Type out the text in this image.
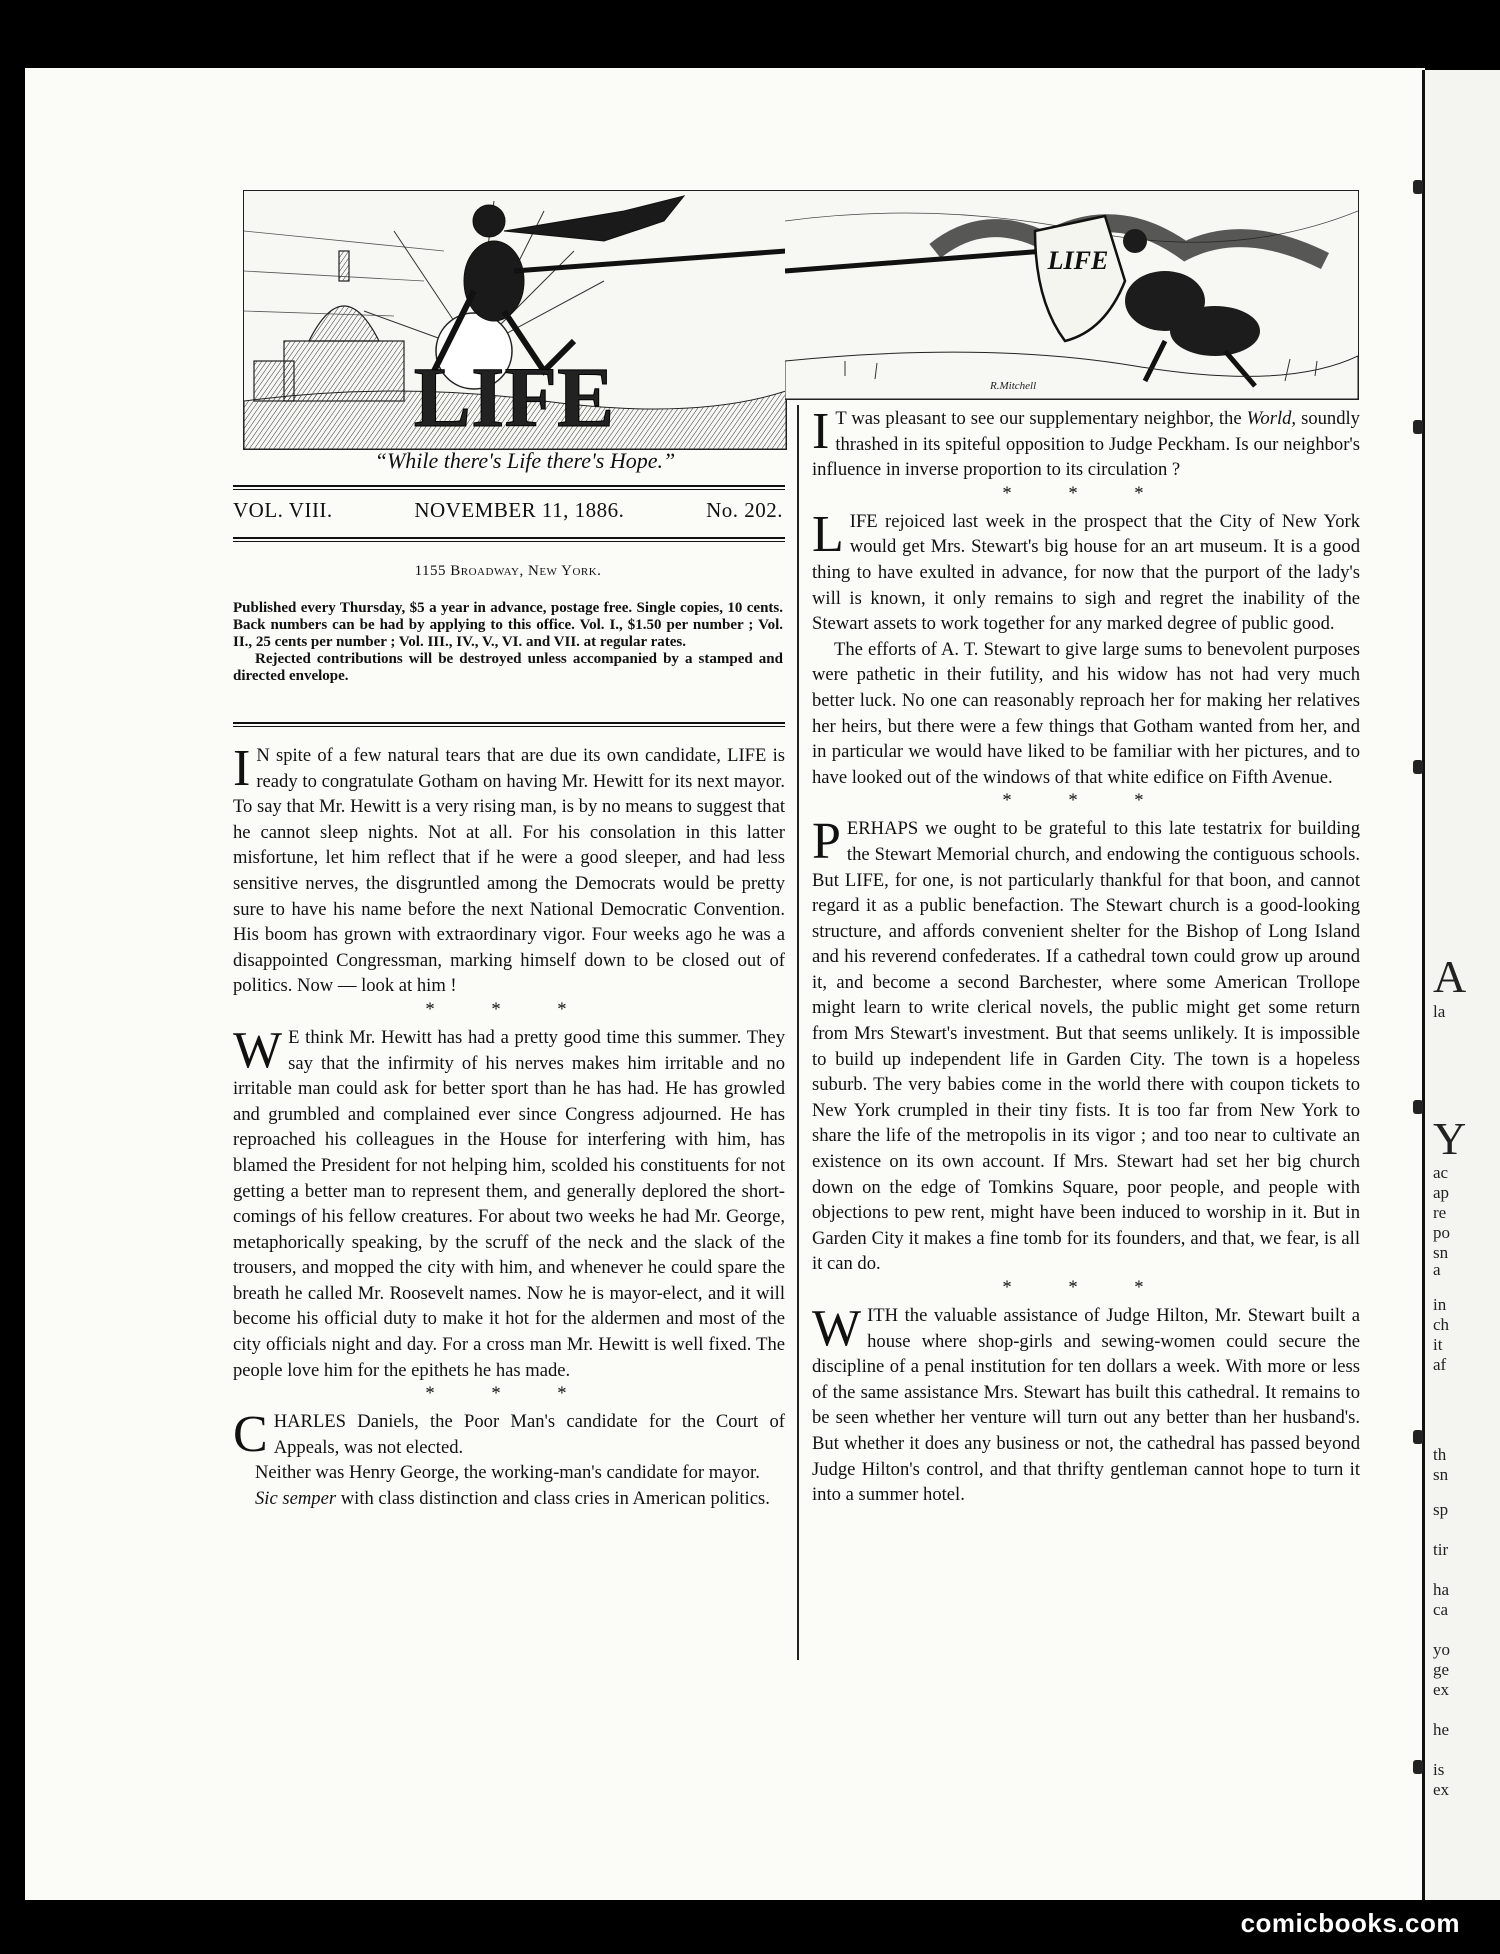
A
la
Y
ac
ap
re
po
sn
a
in
ch
it
af
th
sn
sp
tir
ha
ca
yo
ge
ex
he
is
ex
LIFE
LIFE
R.Mitchell
“While there's Life there's Hope.”
VOL. VIII.	NOVEMBER 11, 1886.	No. 202.
1155 Broadway, New York.

Published every Thursday, $5 a year in advance, postage free. Single copies, 10 cents. Back numbers can be had by applying to this office. Vol. I., $1.50 per number ; Vol. II., 25 cents per number ; Vol. III., IV., V., VI. and VII. at regular rates.

Rejected contributions will be destroyed unless accompanied by a stamped and directed envelope.

I N spite of a few natural tears that are due its own candidate, LIFE is ready to congratulate Gotham on having Mr. Hewitt for its next mayor. To say that Mr. Hewitt is a very rising man, is by no means to suggest that he cannot sleep nights. Not at all. For his consolation in this latter misfortune, let him reflect that if he were a good sleeper, and had less sensitive nerves, the disgruntled among the Democrats would be pretty sure to have his name before the next National Democratic Convention. His boom has grown with extraordinary vigor. Four weeks ago he was a disappointed Congressman, marking himself down to be closed out of politics. Now — look at him !

* * *

W E think Mr. Hewitt has had a pretty good time this summer. They say that the infirmity of his nerves makes him irritable and no irritable man could ask for better sport than he has had. He has growled and grumbled and complained ever since Congress adjourned. He has reproached his colleagues in the House for interfering with him, has blamed the President for not helping him, scolded his constituents for not getting a better man to represent them, and generally deplored the short-comings of his fellow creatures. For about two weeks he had Mr. George, metaphorically speaking, by the scruff of the neck and the slack of the trousers, and mopped the city with him, and whenever he could spare the breath he called Mr. Roosevelt names. Now he is mayor-elect, and it will become his official duty to make it hot for the aldermen and most of the city officials night and day. For a cross man Mr. Hewitt is well fixed. The people love him for the epithets he has made.

* * *

CHARLES Daniels, the Poor Man's candidate for the Court of Appeals, was not elected.

Neither was Henry George, the working-man's candidate for mayor.

Sic semper with class distinction and class cries in American politics.

I T was pleasant to see our supplementary neighbor, the World, soundly thrashed in its spiteful opposition to Judge Peckham. Is our neighbor's influence in inverse proportion to its circulation ?

* * *

LIFE rejoiced last week in the prospect that the City of New York would get Mrs. Stewart's big house for an art museum. It is a good thing to have exulted in advance, for now that the purport of the lady's will is known, it only remains to sigh and regret the inability of the Stewart assets to work together for any marked degree of public good.

The efforts of A. T. Stewart to give large sums to benevolent purposes were pathetic in their futility, and his widow has not had very much better luck. No one can reasonably reproach her for making her relatives her heirs, but there were a few things that Gotham wanted from her, and in particular we would have liked to be familiar with her pictures, and to have looked out of the windows of that white edifice on Fifth Avenue.

* * *

PERHAPS we ought to be grateful to this late testatrix for building the Stewart Memorial church, and endowing the contiguous schools. But LIFE, for one, is not particularly thankful for that boon, and cannot regard it as a public benefaction. The Stewart church is a good-looking structure, and affords convenient shelter for the Bishop of Long Island and his reverend confederates. If a cathedral town could grow up around it, and become a second Barchester, where some American Trollope might learn to write clerical novels, the public might get some return from Mrs Stewart's investment. But that seems unlikely. It is impossible to build up independent life in Garden City. The town is a hopeless suburb. The very babies come in the world there with coupon tickets to New York crumpled in their tiny fists. It is too far from New York to share the life of the metropolis in its vigor ; and too near to cultivate an existence on its own account. If Mrs. Stewart had set her big church down on the edge of Tomkins Square, poor people, and people with objections to pew rent, might have been induced to worship in it. But in Garden City it makes a fine tomb for its founders, and that, we fear, is all it can do.

* * *

WITH the valuable assistance of Judge Hilton, Mr. Stewart built a house where shop-girls and sewing-women could secure the discipline of a penal institution for ten dollars a week. With more or less of the same assistance Mrs. Stewart has built this cathedral. It remains to be seen whether her venture will turn out any better than her husband's. But whether it does any business or not, the cathedral has passed beyond Judge Hilton's control, and that thrifty gentleman cannot hope to turn it into a summer hotel.

comicbooks.com
